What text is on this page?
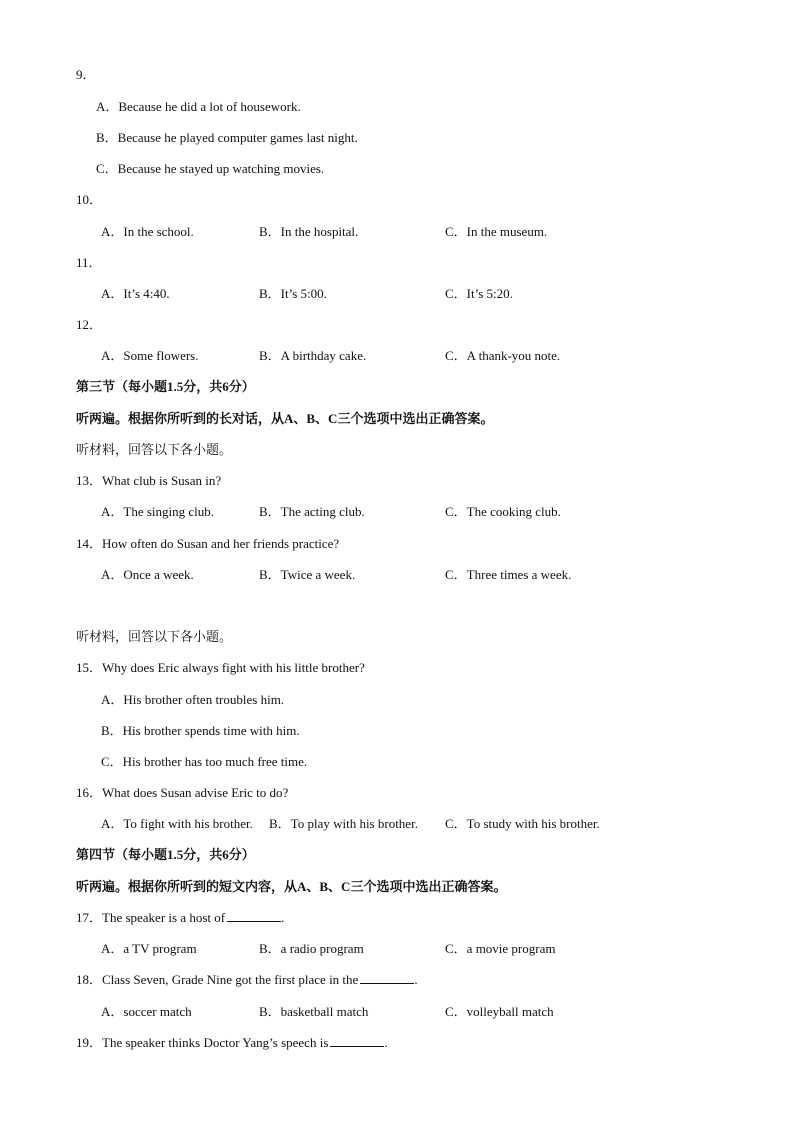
9．
A．Because he did a lot of housework.
B．Because he played computer games last night.
C．Because he stayed up watching movies.
10．
A．In the school.	B．In the hospital.	C．In the museum.
11．
A．It’s 4:40.	B．It’s 5:00.	C．It’s 5:20.
12．
A．Some flowers.	B．A birthday cake.	C．A thank-you note.
第三节（每小题1.5分，共6分）
听两遍。根据你所听到的长对话，从A、B、C三个选项中选出正确答案。
听材料，回答以下各小题。
13．What club is Susan in?
A．The singing club.	B．The acting club.	C．The cooking club.
14．How often do Susan and her friends practice?
A．Once a week.	B．Twice a week.	C．Three times a week.
听材料，回答以下各小题。
15．Why does Eric always fight with his little brother?
A．His brother often troubles him.
B．His brother spends time with him.
C．His brother has too much free time.
16．What does Susan advise Eric to do?
A．To fight with his brother. B．To play with his brother. C．To study with his brother.
第四节（每小题1.5分，共6分）
听两遍。根据你所听到的短文内容，从A、B、C三个选项中选出正确答案。
17．The speaker is a host of	.
A．a TV program	B．a radio program	C．a movie program
18．Class Seven, Grade Nine got the first place in the	.
A．soccer match	B．basketball match	C．volleyball match
19．The speaker thinks Doctor Yang’s speech is	.
